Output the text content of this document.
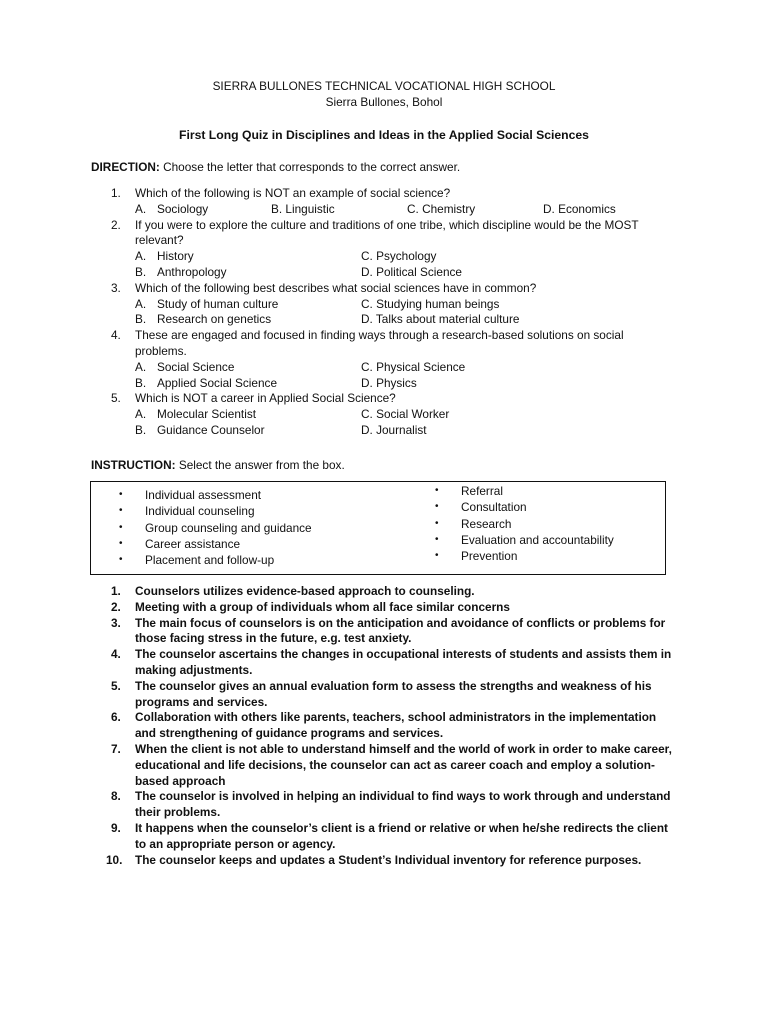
SIERRA BULLONES TECHNICAL VOCATIONAL HIGH SCHOOL
Sierra Bullones, Bohol
First Long Quiz in Disciplines and Ideas in the Applied Social Sciences
DIRECTION: Choose the letter that corresponds to the correct answer.
1. Which of the following is NOT an example of social science?
A. Sociology	B. Linguistic	C. Chemistry	D. Economics
2. If you were to explore the culture and traditions of one tribe, which discipline would be the MOST relevant?
A. History	C. Psychology
B. Anthropology	D. Political Science
3. Which of the following best describes what social sciences have in common?
A. Study of human culture	C. Studying human beings
B. Research on genetics	D. Talks about material culture
4. These are engaged and focused in finding ways through a research-based solutions on social problems.
A. Social Science	C. Physical Science
B. Applied Social Science	D. Physics
5. Which is NOT a career in Applied Social Science?
A. Molecular Scientist	C. Social Worker
B. Guidance Counselor	D. Journalist
INSTRUCTION: Select the answer from the box.
• Individual assessment
• Individual counseling
• Group counseling and guidance
• Career assistance
• Placement and follow-up
• Referral
• Consultation
• Research
• Evaluation and accountability
• Prevention
1. Counselors utilizes evidence-based approach to counseling.
2. Meeting with a group of individuals whom all face similar concerns
3. The main focus of counselors is on the anticipation and avoidance of conflicts or problems for those facing stress in the future, e.g. test anxiety.
4. The counselor ascertains the changes in occupational interests of students and assists them in making adjustments.
5. The counselor gives an annual evaluation form to assess the strengths and weakness of his programs and services.
6. Collaboration with others like parents, teachers, school administrators in the implementation and strengthening of guidance programs and services.
7. When the client is not able to understand himself and the world of work in order to make career, educational and life decisions, the counselor can act as career coach and employ a solution-based approach
8. The counselor is involved in helping an individual to find ways to work through and understand their problems.
9. It happens when the counselor’s client is a friend or relative or when he/she redirects the client to an appropriate person or agency.
10. The counselor keeps and updates a Student’s Individual inventory for reference purposes.
